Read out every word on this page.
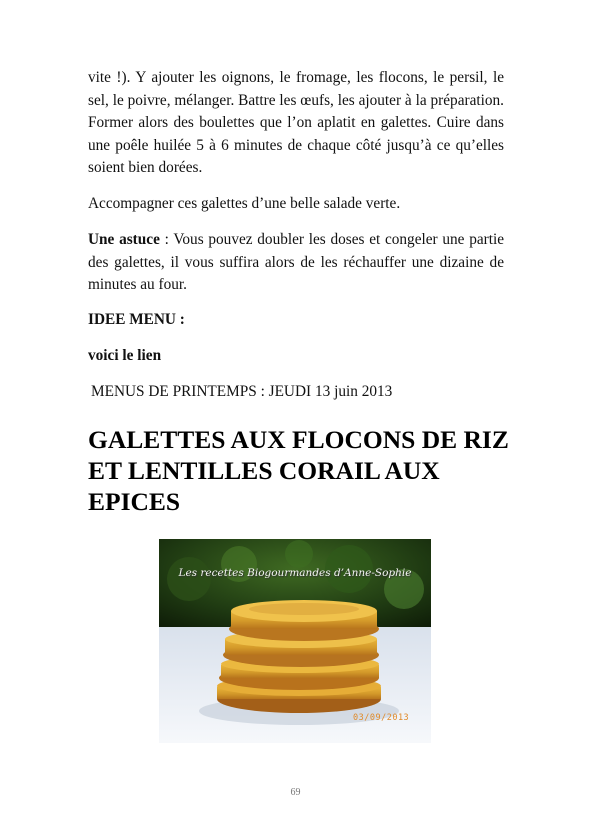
vite !). Y ajouter les oignons, le fromage, les flocons, le persil, le sel, le poivre, mélanger. Battre les œufs, les ajouter à la préparation. Former alors des boulettes que l’on aplatit en galettes. Cuire dans une poêle huilée 5 à 6 minutes de chaque côté jusqu’à ce qu’elles soient bien dorées.

Accompagner ces galettes d’une belle salade verte.

Une astuce : Vous pouvez doubler les doses et congeler une partie des galettes, il vous suffira alors de les réchauffer une dizaine de minutes au four.

IDEE MENU :
voici le lien
MENUS DE PRINTEMPS : JEUDI 13 juin 2013
GALETTES AUX FLOCONS DE RIZ ET LENTILLES CORAIL AUX EPICES
Les recettes Biogourmandes d’Anne-Sophie
03/09/2013
69
